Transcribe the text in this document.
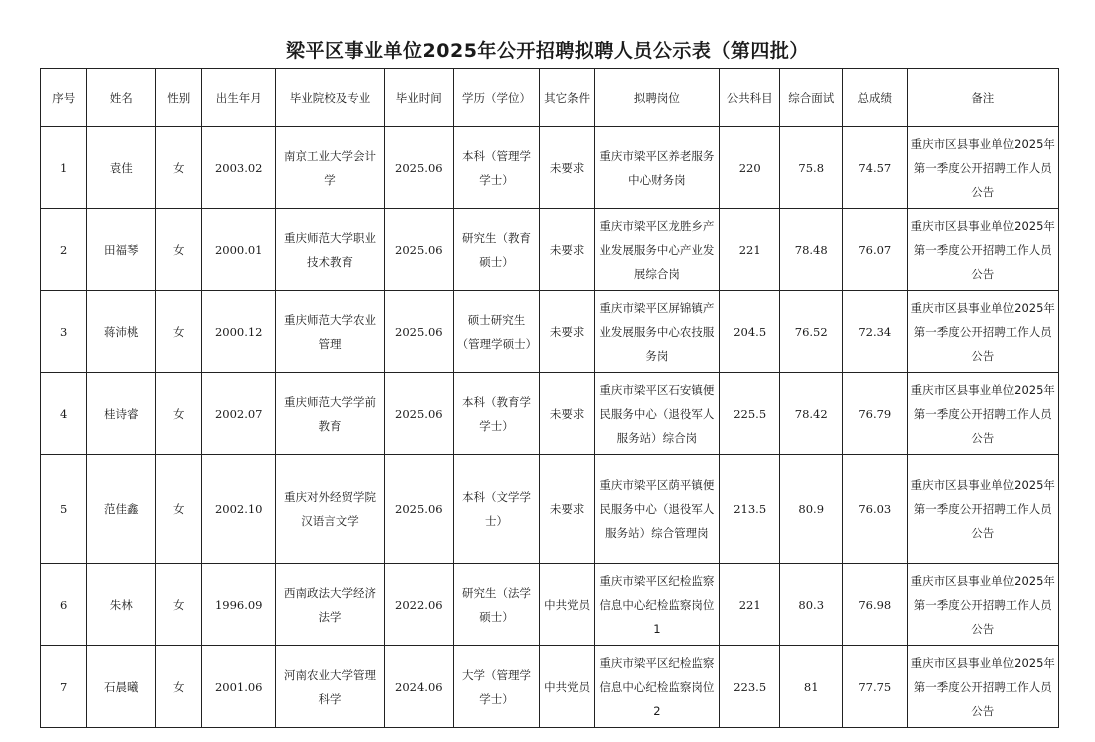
梁平区事业单位2025年公开招聘拟聘人员公示表（第四批）
序号	姓名	性别	出生年月	毕业院校及专业	毕业时间	学历（学位）	其它条件	拟聘岗位	公共科目	综合面试	总成绩	备注
1	袁佳	女	2003.02	南京工业大学会计学	2025.06	本科（管理学学士）	未要求	重庆市梁平区养老服务中心财务岗	220	75.8	74.57	重庆市区县事业单位2025年第一季度公开招聘工作人员公告
2	田福琴	女	2000.01	重庆师范大学职业技术教育	2025.06	研究生（教育硕士）	未要求	重庆市梁平区龙胜乡产业发展服务中心产业发展综合岗	221	78.48	76.07	重庆市区县事业单位2025年第一季度公开招聘工作人员公告
3	蒋沛桃	女	2000.12	重庆师范大学农业管理	2025.06	硕士研究生（管理学硕士）	未要求	重庆市梁平区屏锦镇产业发展服务中心农技服务岗	204.5	76.52	72.34	重庆市区县事业单位2025年第一季度公开招聘工作人员公告
4	桂诗睿	女	2002.07	重庆师范大学学前教育	2025.06	本科（教育学学士）	未要求	重庆市梁平区石安镇便民服务中心（退役军人服务站）综合岗	225.5	78.42	76.79	重庆市区县事业单位2025年第一季度公开招聘工作人员公告
5	范佳鑫	女	2002.10	重庆对外经贸学院汉语言文学	2025.06	本科（文学学士）	未要求	重庆市梁平区荫平镇便民服务中心（退役军人服务站）综合管理岗	213.5	80.9	76.03	重庆市区县事业单位2025年第一季度公开招聘工作人员公告
6	朱林	女	1996.09	西南政法大学经济法学	2022.06	研究生（法学硕士）	中共党员	重庆市梁平区纪检监察信息中心纪检监察岗位1	221	80.3	76.98	重庆市区县事业单位2025年第一季度公开招聘工作人员公告
7	石晨曦	女	2001.06	河南农业大学管理科学	2024.06	大学（管理学学士）	中共党员	重庆市梁平区纪检监察信息中心纪检监察岗位2	223.5	81	77.75	重庆市区县事业单位2025年第一季度公开招聘工作人员公告
